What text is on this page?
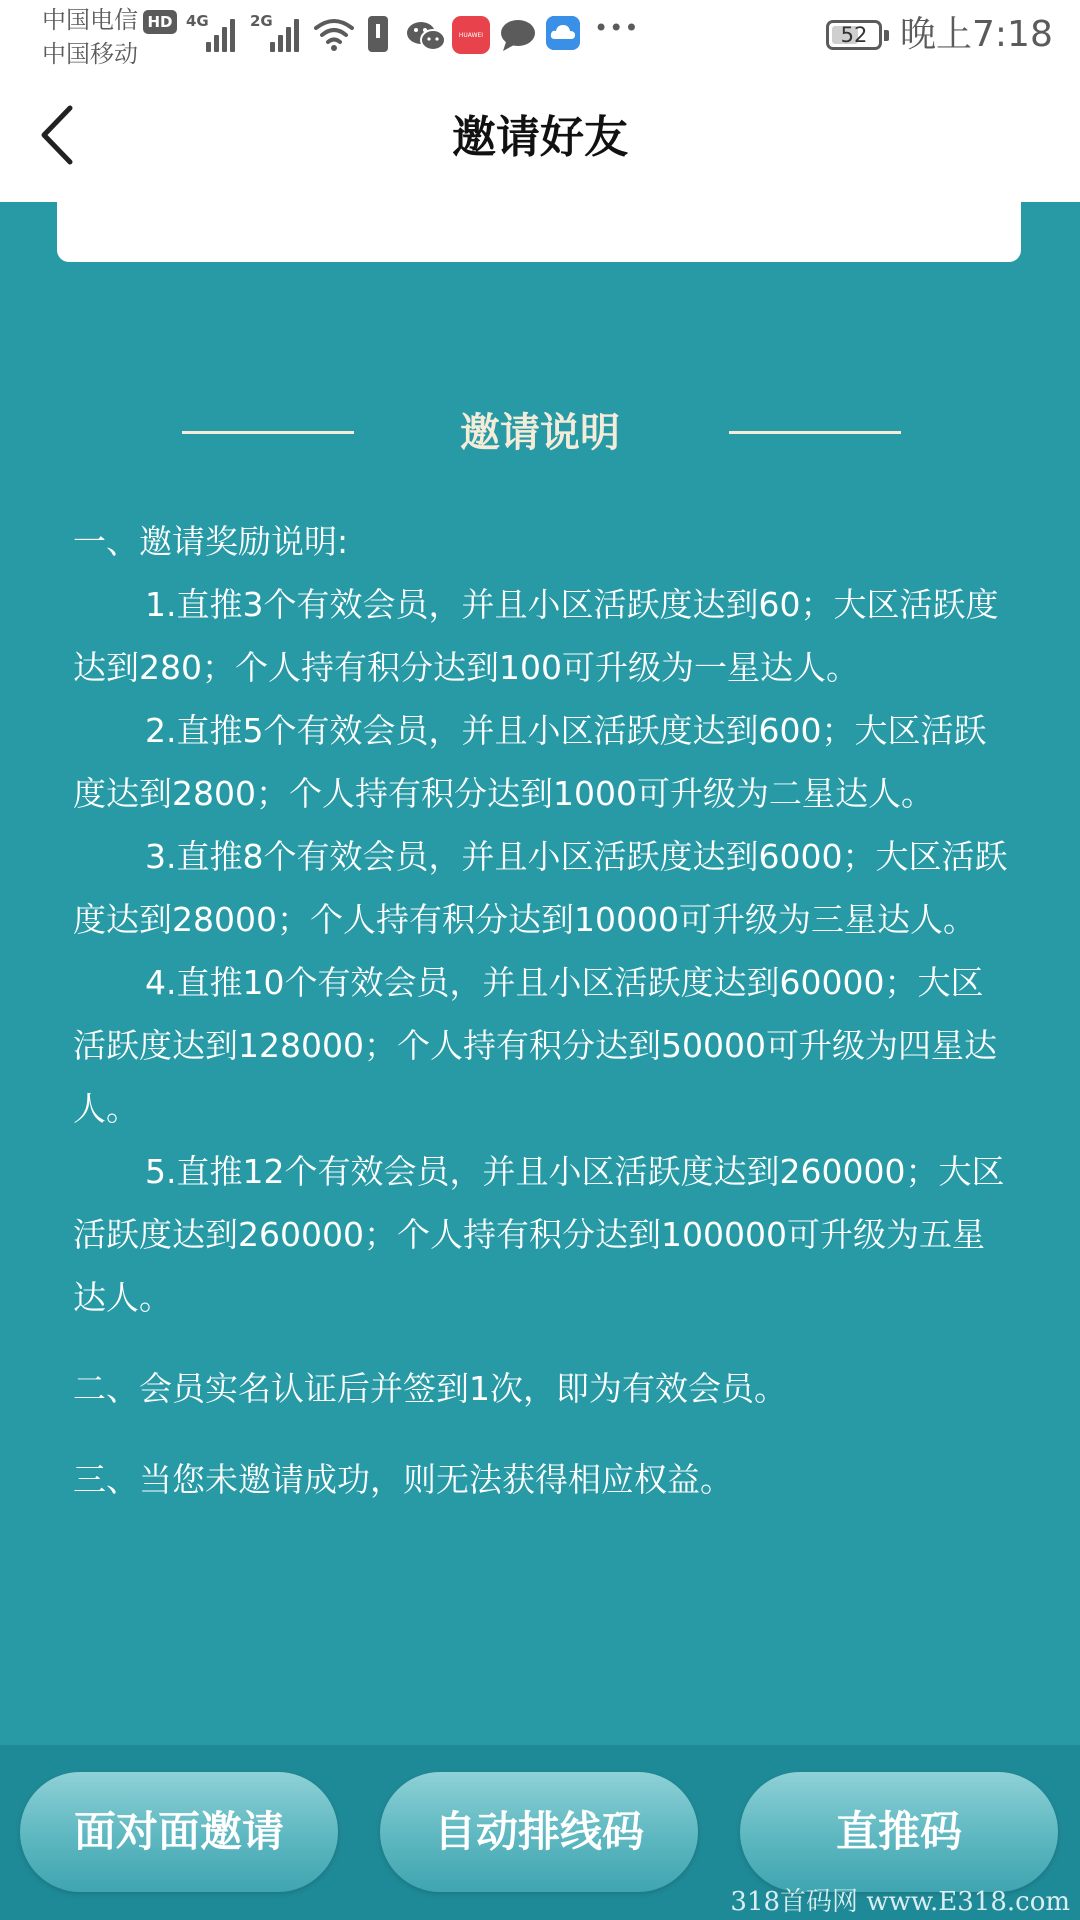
中国电信
中国移动
HD 4G	2G
HUAWEI	•••	52 晚上7:18
邀请好友
邀请说明

一、邀请奖励说明:

1.直推3个有效会员，并且小区活跃度达到60；大区活跃度达到280；个人持有积分达到100可升级为一星达人。

2.直推5个有效会员，并且小区活跃度达到600；大区活跃度达到2800；个人持有积分达到1000可升级为二星达人。

3.直推8个有效会员，并且小区活跃度达到6000；大区活跃度达到28000；个人持有积分达到10000可升级为三星达人。

4.直推10个有效会员，并且小区活跃度达到60000；大区活跃度达到128000；个人持有积分达到50000可升级为四星达人。

5.直推12个有效会员，并且小区活跃度达到260000；大区活跃度达到260000；个人持有积分达到100000可升级为五星达人。

二、会员实名认证后并签到1次，即为有效会员。

三、当您未邀请成功，则无法获得相应权益。

面对面邀请	自动排线码	直推码
318首码网 www.E318.com
